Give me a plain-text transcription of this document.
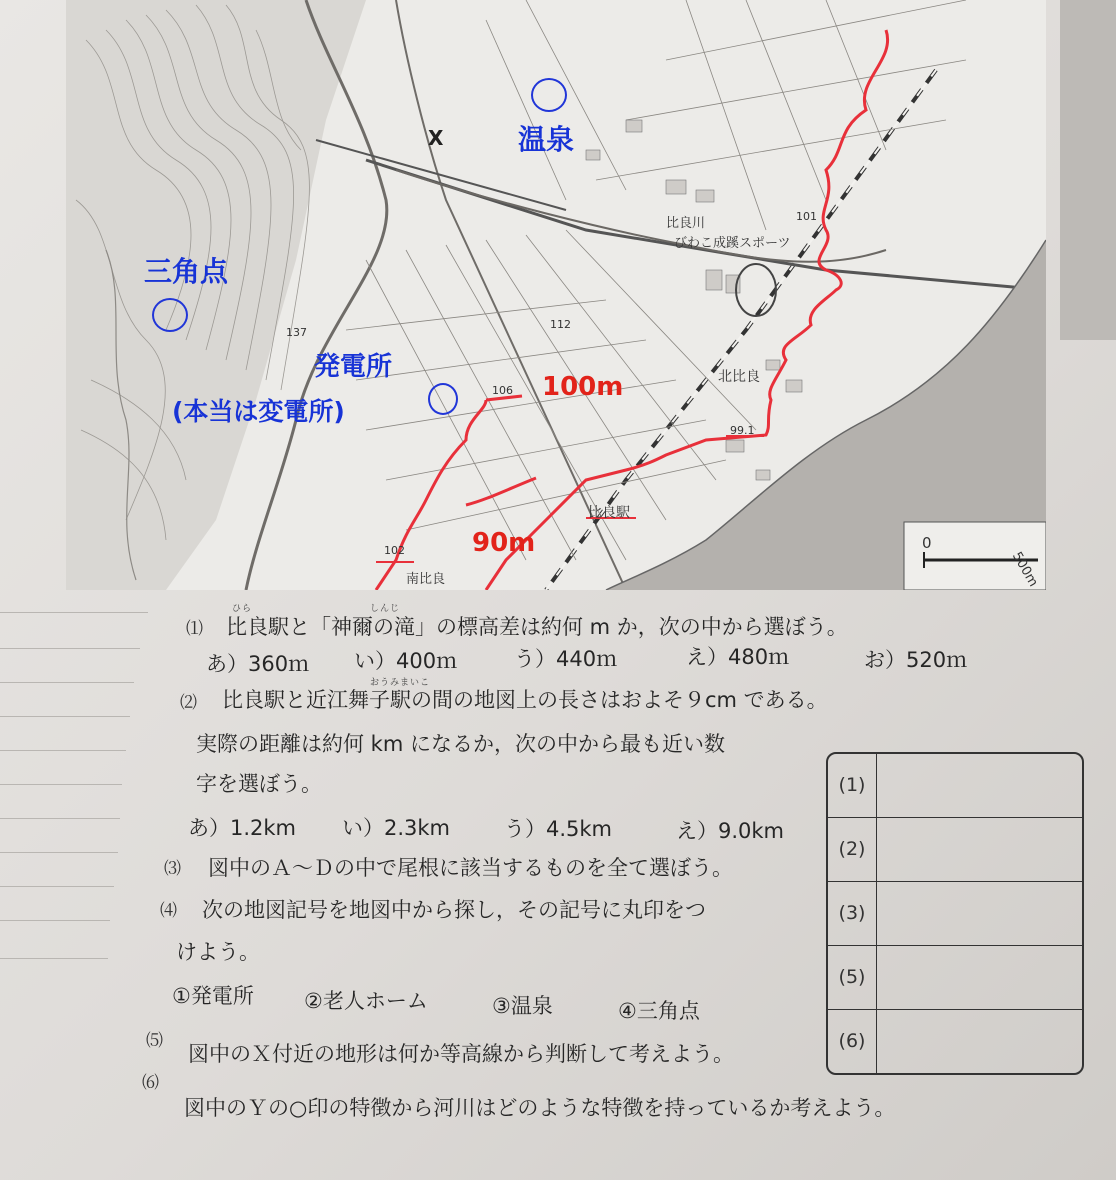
温泉
三角点
発電所
(本当は変電所)
100m
90m
X
比良川
びわこ成蹊スポーツ
北比良
比良駅
南比良
106
101
112
137
99.1
102	0
500m
ひら	しんじ
⑴ 比良駅と「神爾の滝」の標高差は約何 m か，次の中から選ぼう。
あ）360ｍ い）400ｍ	う）440ｍ	え）480ｍ	お）520ｍ
おうみまいこ
⑵ 比良駅と近江舞子駅の間の地図上の長さはおよそ９cm である。
実際の距離は約何 km になるか，次の中から最も近い数
字を選ぼう。
あ）1.2km い）2.3km	う）4.5km	え）9.0km
⑶ 図中のＡ～Ｄの中で尾根に該当するものを全て選ぼう。
⑷ 次の地図記号を地図中から探し，その記号に丸印をつ
けよう。
①発電所 ②老人ホーム	③温泉	④三角点
⑸
図中のＸ付近の地形は何か等高線から判断して考えよう。
⑹
図中のＹの○印の特徴から河川はどのような特徴を持っているか考えよう。
(1)
(2)
(3)
(5)
(6)
